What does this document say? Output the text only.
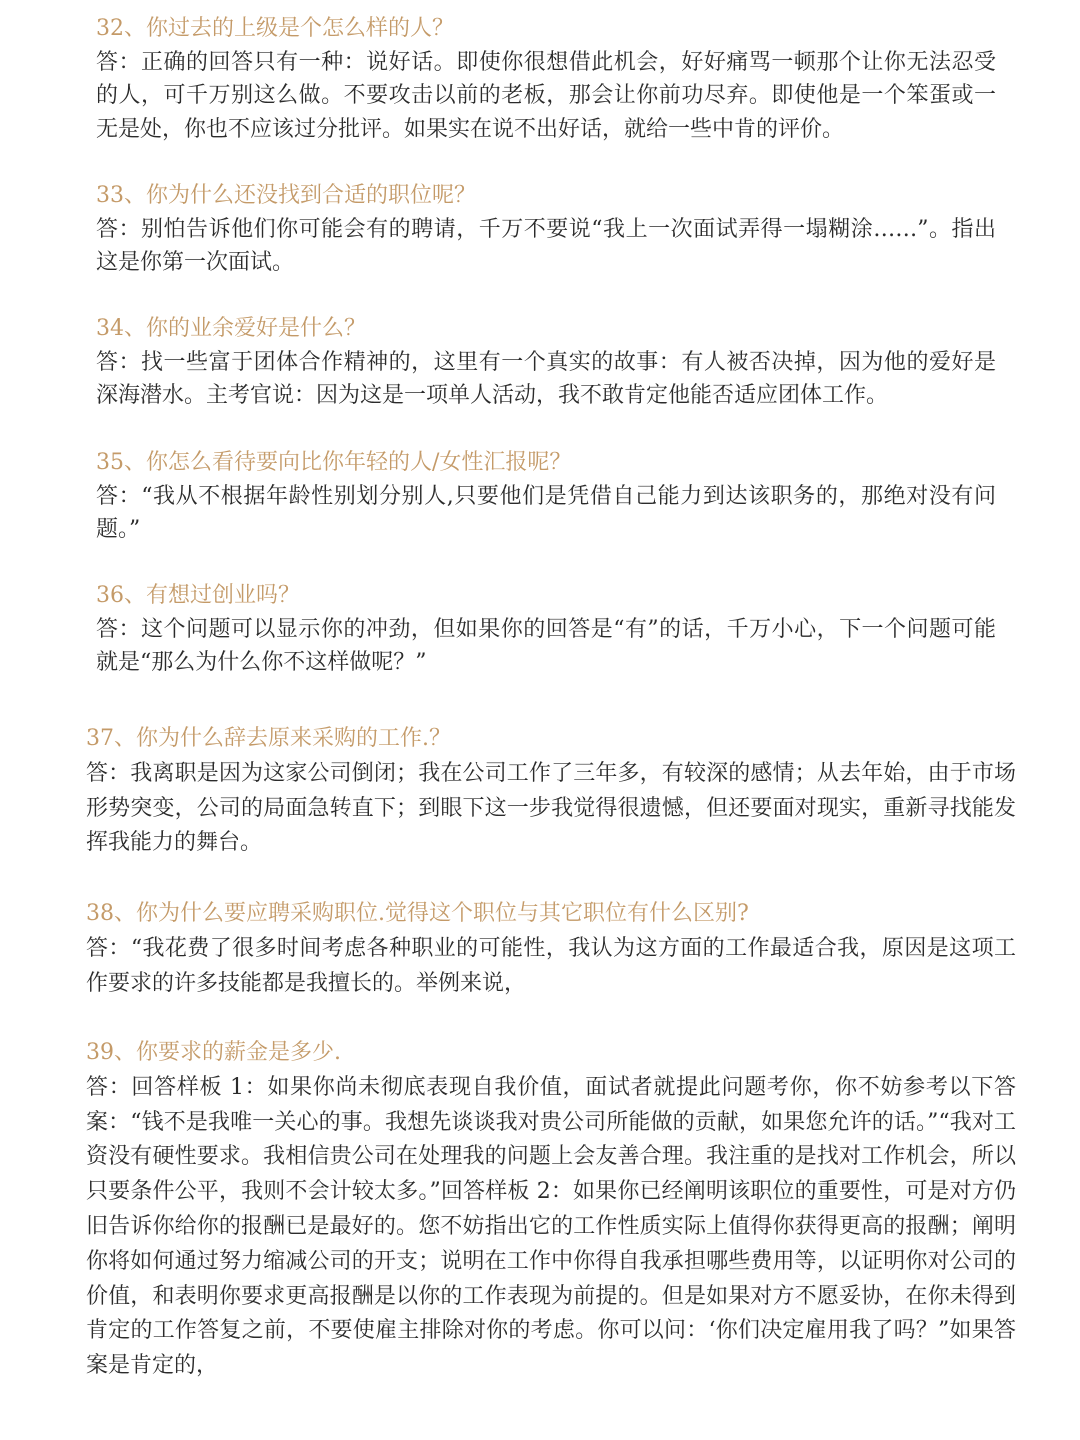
32、你过去的上级是个怎么样的人？
答：正确的回答只有一种：说好话。即使你很想借此机会，好好痛骂一顿那个让你无法忍受的人，可千万别这么做。不要攻击以前的老板，那会让你前功尽弃。即使他是一个笨蛋或一无是处，你也不应该过分批评。如果实在说不出好话，就给一些中肯的评价。
33、你为什么还没找到合适的职位呢？
答：别怕告诉他们你可能会有的聘请，千万不要说“我上一次面试弄得一塌糊涂……”。指出这是你第一次面试。
34、你的业余爱好是什么？
答：找一些富于团体合作精神的，这里有一个真实的故事：有人被否决掉，因为他的爱好是深海潜水。主考官说：因为这是一项单人活动，我不敢肯定他能否适应团体工作。
35、你怎么看待要向比你年轻的人/女性汇报呢？
答：“我从不根据年龄性别划分别人,只要他们是凭借自己能力到达该职务的，那绝对没有问题。”
36、有想过创业吗？
答：这个问题可以显示你的冲劲，但如果你的回答是“有”的话，千万小心，下一个问题可能就是“那么为什么你不这样做呢？”
37、你为什么辞去原来采购的工作.？
答：我离职是因为这家公司倒闭；我在公司工作了三年多，有较深的感情；从去年始，由于市场形势突变，公司的局面急转直下；到眼下这一步我觉得很遗憾，但还要面对现实，重新寻找能发挥我能力的舞台。
38、你为什么要应聘采购职位.觉得这个职位与其它职位有什么区别?
答：“我花费了很多时间考虑各种职业的可能性，我认为这方面的工作最适合我，原因是这项工作要求的许多技能都是我擅长的。举例来说，
39、你要求的薪金是多少.
答：回答样板 1：如果你尚未彻底表现自我价值，面试者就提此问题考你，你不妨参考以下答案：“钱不是我唯一关心的事。我想先谈谈我对贵公司所能做的贡献，如果您允许的话。”“我对工资没有硬性要求。我相信贵公司在处理我的问题上会友善合理。我注重的是找对工作机会，所以只要条件公平，我则不会计较太多。”回答样板 2：如果你已经阐明该职位的重要性，可是对方仍旧告诉你给你的报酬已是最好的。您不妨指出它的工作性质实际上值得你获得更高的报酬；阐明你将如何通过努力缩减公司的开支；说明在工作中你得自我承担哪些费用等，以证明你对公司的价值，和表明你要求更高报酬是以你的工作表现为前提的。但是如果对方不愿妥协，在你未得到肯定的工作答复之前，不要使雇主排除对你的考虑。你可以问：‘你们决定雇用我了吗？”如果答案是肯定的，
